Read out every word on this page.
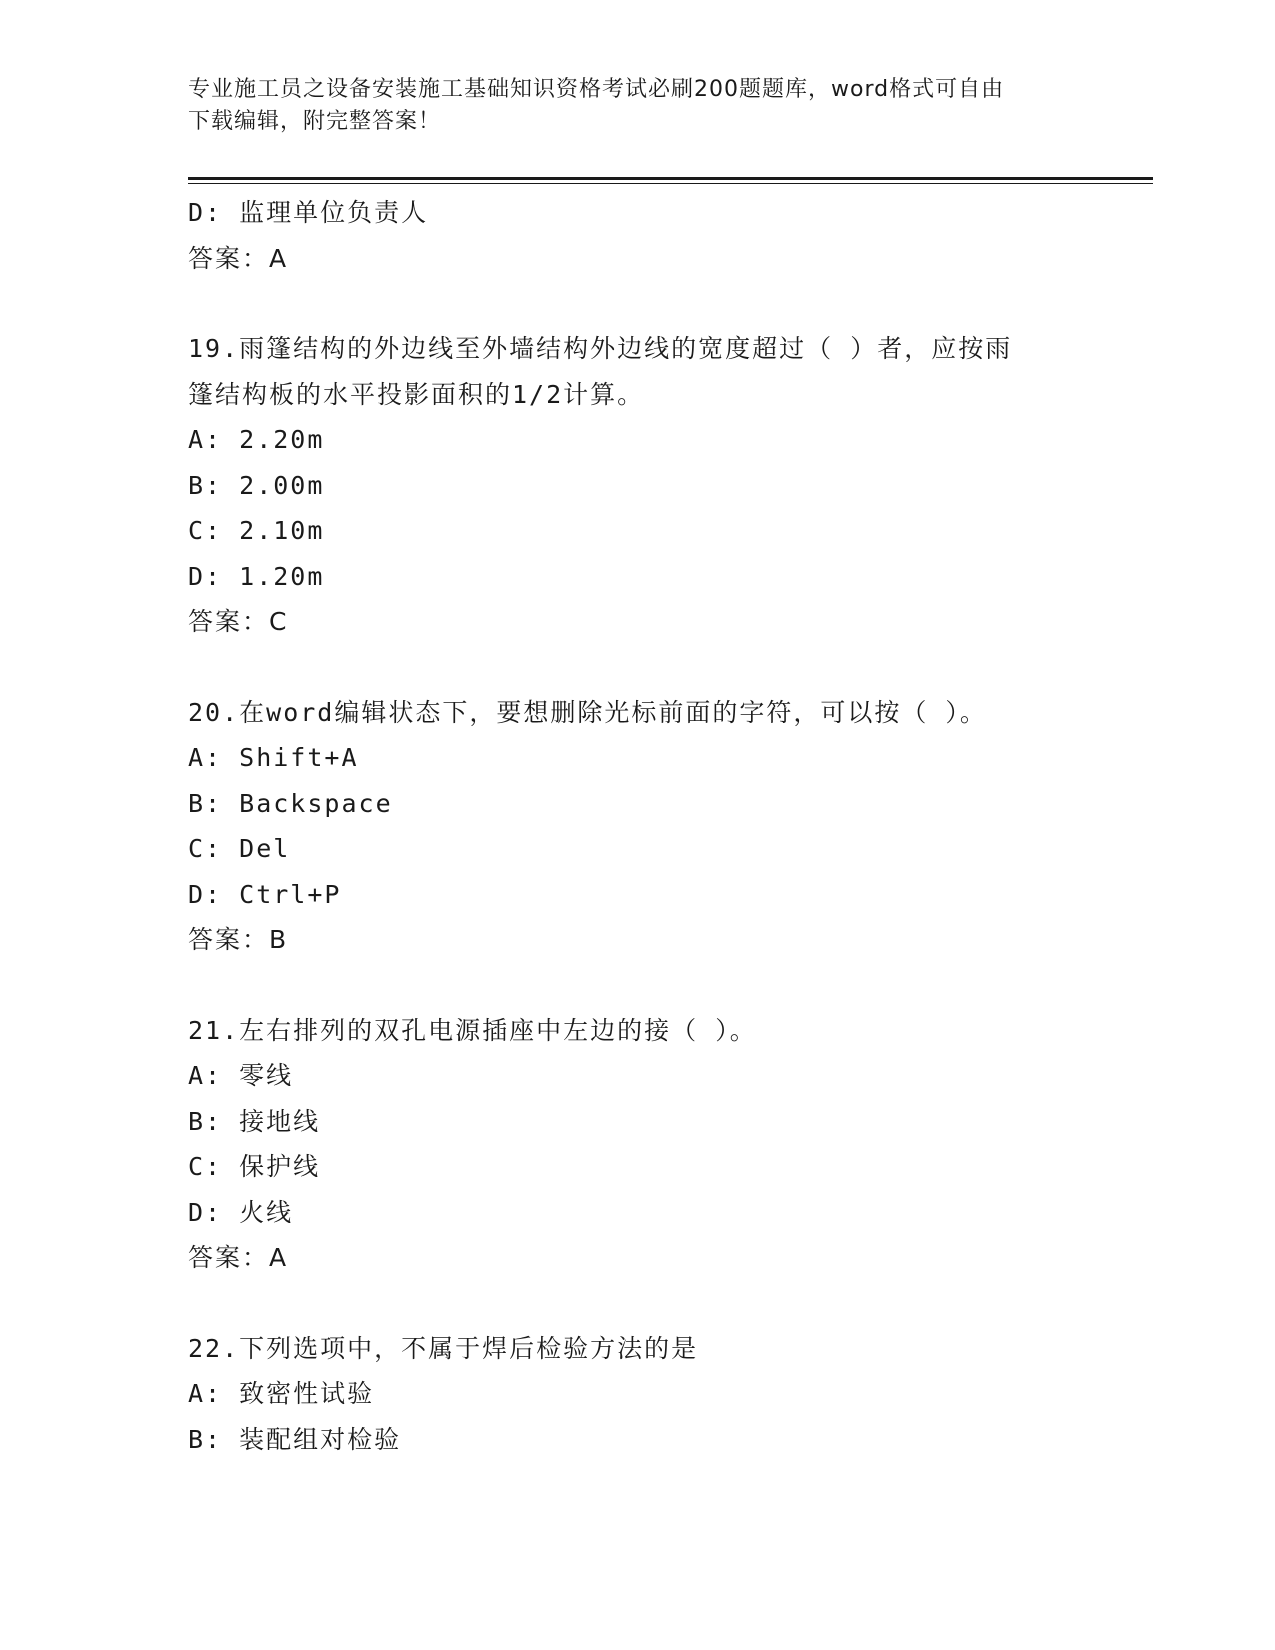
专业施工员之设备安装施工基础知识资格考试必刷200题题库，word格式可自由
下载编辑，附完整答案！
D: 监理单位负责人
答案：A
19.雨篷结构的外边线至外墙结构外边线的宽度超过（ ）者，应按雨
篷结构板的水平投影面积的1/2计算。
A: 2.20m
B: 2.00m
C: 2.10m
D: 1.20m
答案：C
20.在word编辑状态下，要想删除光标前面的字符，可以按（ ）。
A: Shift+A
B: Backspace
C: Del
D: Ctrl+P
答案：B
21.左右排列的双孔电源插座中左边的接（ ）。
A: 零线
B: 接地线
C: 保护线
D: 火线
答案：A
22.下列选项中，不属于焊后检验方法的是
A: 致密性试验
B: 装配组对检验
